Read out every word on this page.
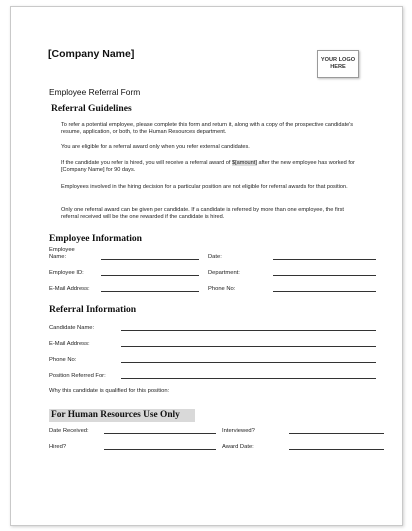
[Company Name]	YOUR LOGO
HERE
Employee Referral Form
Referral Guidelines
To refer a potential employee, please complete this form and return it, along with a copy of the prospective candidate's resume, application, or both, to the Human Resources department.
You are eligible for a referral award only when you refer external candidates.
If the candidate you refer is hired, you will receive a referral award of $[amount] after the new employee has worked for [Company Name] for 90 days.
Employees involved in the hiring decision for a particular position are not eligible for referral awards for that position.
Only one referral award can be given per candidate. If a candidate is referred by more than one employee, the first referral received will be the one rewarded if the candidate is hired.
Employee Information
Employee
Name:	Date:
Employee ID:	Department:
E-Mail Address:	Phone No:
Referral Information
Candidate Name:
E-Mail Address:
Phone No:
Position Referred For:
Why this candidate is qualified for this position:
For Human Resources Use Only
Date Received:	Interviewed?
Hired?	Award Date:
